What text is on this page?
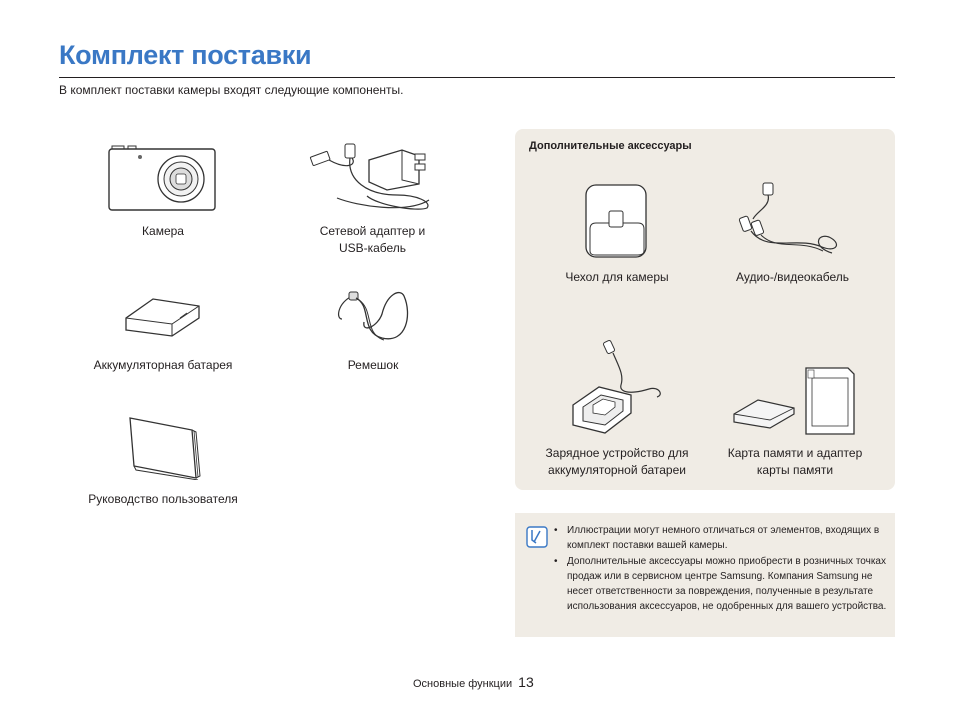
Комплект поставки
В комплект поставки камеры входят следующие компоненты.
Камера	Сетевой адаптер и USB-кабель
Аккумуляторная батарея	Ремешок
Руководство пользователя
Дополнительные аксессуары
Чехол для камеры	Аудио-/видеокабель
Зарядное устройство для аккумуляторной батареи
Карта памяти и адаптер карты памяти
• Иллюстрации могут немного отличаться от элементов, входящих в комплект поставки вашей камеры.
• Дополнительные аксессуары можно приобрести в розничных точках продаж или в сервисном центре Samsung. Компания Samsung не несет ответственности за повреждения, полученные в результате использования аксессуаров, не одобренных для вашего устройства.
Основные функции 13
